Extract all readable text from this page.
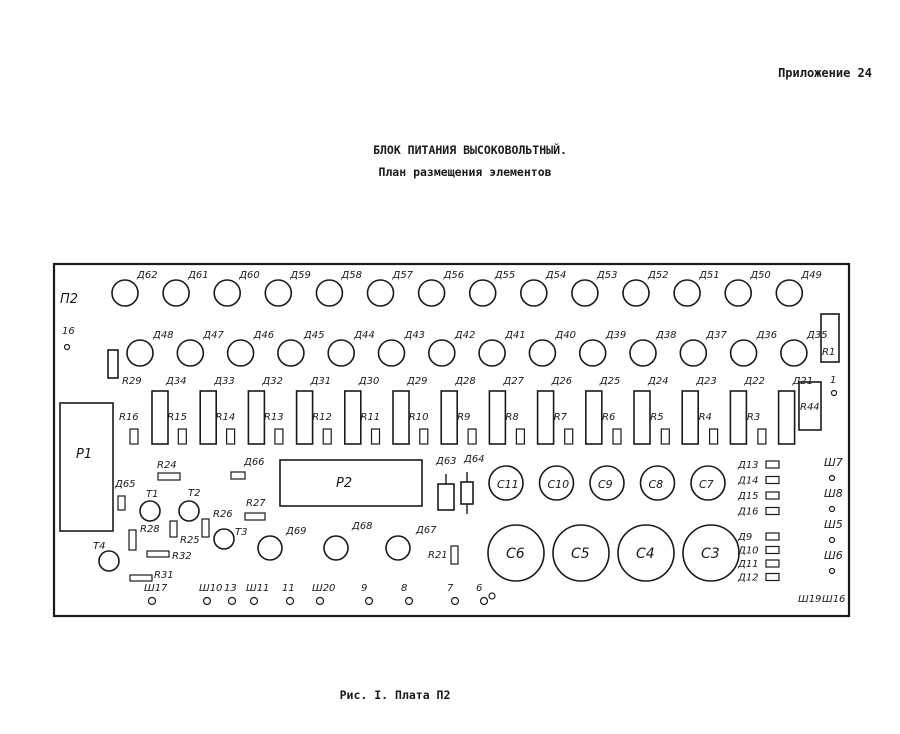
Приложение 24
БЛОК ПИТАНИЯ ВЫСОКОВОЛЬТНЫЙ.
План размещения элементов
П2
16
1
R1
R29
R44
P1
P2
T1	T2
T3
T4
R24
R27
R26
R25
R28
R32
R31
R21
Д65
Д66	Д63 Д64
Д69	Д68	Д67
Ш19 Ш16
Д62	Д61	Д60	Д59	Д58	Д57	Д56	Д55	Д54	Д53	Д52	Д51	Д50	Д49
Д48	Д47	Д46	Д45	Д44	Д43	Д42	Д41	Д40	Д39	Д38	Д37	Д36	Д35
Д34	Д33	Д32	Д31	Д30	Д29	Д28	Д27	Д26	Д25	Д24	Д23	Д22	Д21
R16	R15	R14	R13	R12	R11	R10	R9	R8	R7	R6	R5	R4	R3
C11	C10	C9	C8	C7
C6	C5	C4	C3
Д13
Д14
Д15
Д16
Д9
Д10
Д11
Д12
Ш7
Ш8
Ш5
Ш6
Ш17	Ш10 13 Ш11 11 Ш20	9	8	7 6
Рис. I. Плата П2
